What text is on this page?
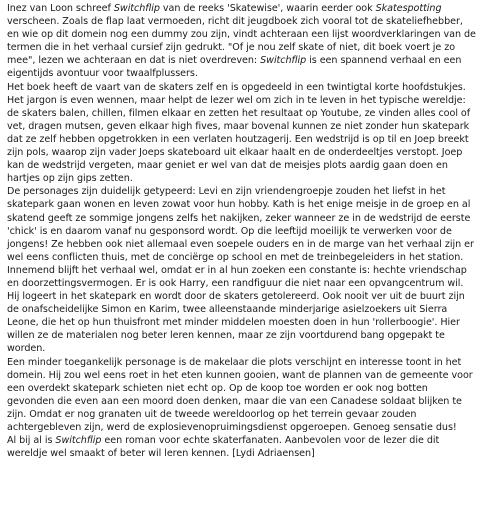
Inez van Loon schreef Switchflip van de reeks 'Skatewise', waarin eerder ook Skatespotting verscheen. Zoals de flap laat vermoeden, richt dit jeugdboek zich vooral tot de skateliefhebber, en wie op dit domein nog een dummy zou zijn, vindt achteraan een lijst woordverklaringen van de termen die in het verhaal cursief zijn gedrukt. "Of je nou zelf skate of niet, dit boek voert je zo mee", lezen we achteraan en dat is niet overdreven: Switchflip is een spannend verhaal en een eigentijds avontuur voor twaalfplussers.

Het boek heeft de vaart van de skaters zelf en is opgedeeld in een twintigtal korte hoofdstukjes. Het jargon is even wennen, maar helpt de lezer wel om zich in te leven in het typische wereldje: de skaters balen, chillen, filmen elkaar en zetten het resultaat op Youtube, ze vinden alles cool of vet, dragen mutsen, geven elkaar high fives, maar bovenal kunnen ze niet zonder hun skatepark dat ze zelf hebben opgetrokken in een verlaten houtzagerij. Een wedstrijd is op til en Joep breekt zijn pols, waarop zijn vader Joeps skateboard uit elkaar haalt en de onderdeeltjes verstopt. Joep kan de wedstrijd vergeten, maar geniet er wel van dat de meisjes plots aardig gaan doen en hartjes op zijn gips zetten.

De personages zijn duidelijk getypeerd: Levi en zijn vriendengroepje zouden het liefst in het skatepark gaan wonen en leven zowat voor hun hobby. Kath is het enige meisje in de groep en al skatend geeft ze sommige jongens zelfs het nakijken, zeker wanneer ze in de wedstrijd de eerste 'chick' is en daarom vanaf nu gesponsord wordt. Op die leeftijd moeilijk te verwerken voor de jongens! Ze hebben ook niet allemaal even soepele ouders en in de marge van het verhaal zijn er wel eens conflicten thuis, met de conciërge op school en met de treinbegeleiders in het station.

Innemend blijft het verhaal wel, omdat er in al hun zoeken een constante is: hechte vriendschap en doorzettingsvermogen. Er is ook Harry, een randfiguur die niet naar een opvangcentrum wil. Hij logeert in het skatepark en wordt door de skaters getolereerd. Ook nooit ver uit de buurt zijn de onafscheidelijke Simon en Karim, twee alleenstaande minderjarige asielzoekers uit Sierra Leone, die het op hun thuisfront met minder middelen moesten doen in hun 'rollerboogie'. Hier willen ze de materialen nog beter leren kennen, maar ze zijn voortdurend bang opgepakt te worden.

Een minder toegankelijk personage is de makelaar die plots verschijnt en interesse toont in het domein. Hij zou wel eens roet in het eten kunnen gooien, want de plannen van de gemeente voor een overdekt skatepark schieten niet echt op. Op de koop toe worden er ook nog botten gevonden die even aan een moord doen denken, maar die van een Canadese soldaat blijken te zijn. Omdat er nog granaten uit de tweede wereldoorlog op het terrein gevaar zouden achtergebleven zijn, werd de explosievenopruimingsdienst opgeroepen. Genoeg sensatie dus!

Al bij al is Switchflip een roman voor echte skaterfanaten. Aanbevolen voor de lezer die dit wereldje wel smaakt of beter wil leren kennen. [Lydi Adriaensen]
